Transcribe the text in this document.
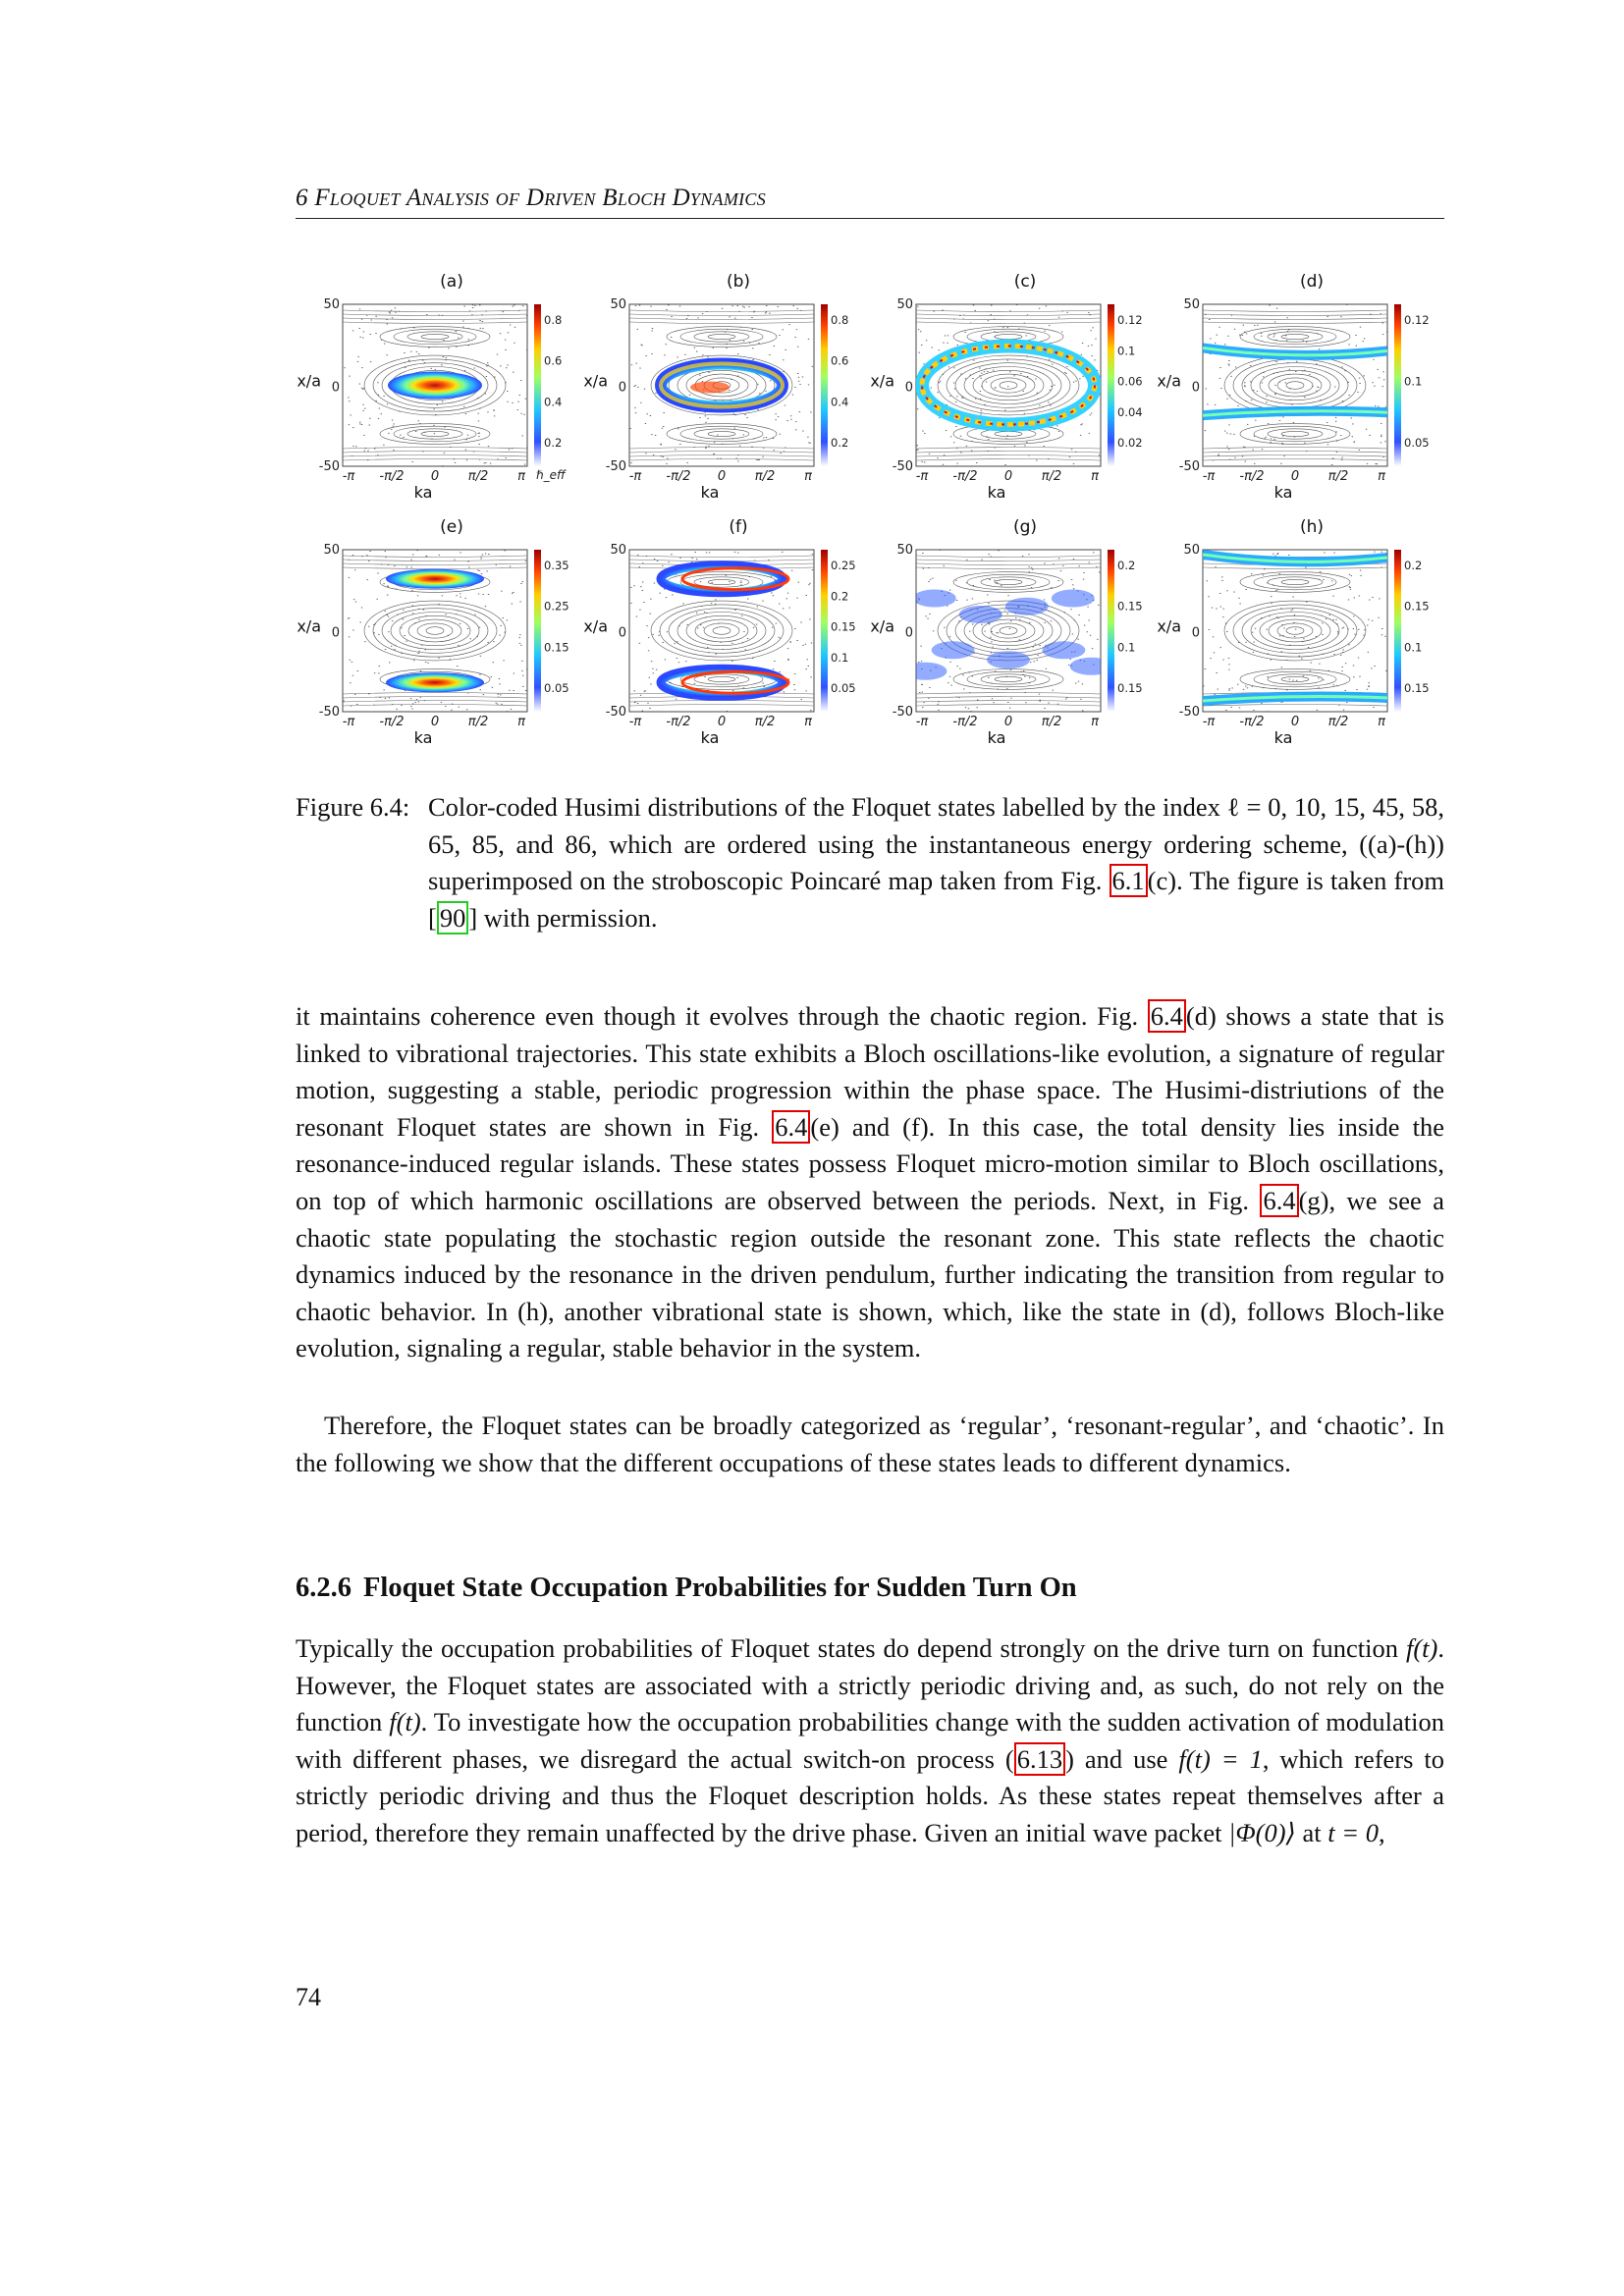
6 Floquet Analysis of Driven Bloch Dynamics
(a)
0.8
0.6
0.4
0.2
ℏ_eff
50
0
-50
x/a
-π -π/2 0 π/2 π
ka
(b)
0.8
0.6
0.4
0.2
50
0
-50
x/a
-π -π/2 0 π/2 π
ka
(c)
0.12
0.1
0.06
0.04
0.02
50
0
-50
x/a
-π -π/2 0 π/2 π
ka
(d)
0.12
0.1
0.05
50
0
-50
x/a
-π -π/2 0 π/2 π
ka
(e)
0.35
0.25
0.15
0.05
50
0
-50
x/a
-π -π/2 0 π/2 π
ka
(f)
0.25
0.2
0.15
0.1
0.05
50
0
-50
x/a
-π -π/2 0 π/2 π
ka
(g)
0.2
0.15
0.1
0.15
50
0
-50
x/a
-π -π/2 0 π/2 π
ka
(h)
0.2
0.15
0.1
0.15
50
0
-50
x/a
-π -π/2 0 π/2 π
ka
Figure 6.4: Color-coded Husimi distributions of the Floquet states labelled by the index ℓ = 0, 10, 15, 45, 58, 65, 85, and 86, which are ordered using the instantaneous energy ordering scheme, ((a)-(h)) superimposed on the stroboscopic Poincaré map taken from Fig. 6.1 (c). The figure is taken from [ 90 ] with permission.
it maintains coherence even though it evolves through the chaotic region. Fig. 6.4 (d) shows a state that is linked to vibrational trajectories. This state exhibits a Bloch oscillations-like evolution, a signature of regular motion, suggesting a stable, periodic progression within the phase space. The Husimi-distriutions of the resonant Floquet states are shown in Fig. 6.4 (e) and (f). In this case, the total density lies inside the resonance-induced regular islands. These states possess Floquet micro-motion similar to Bloch oscillations, on top of which harmonic oscillations are observed between the periods. Next, in Fig. 6.4 (g), we see a chaotic state populating the stochastic region outside the resonant zone. This state reflects the chaotic dynamics induced by the resonance in the driven pendulum, further indicating the transition from regular to chaotic behavior. In (h), another vibrational state is shown, which, like the state in (d), follows Bloch-like evolution, signaling a regular, stable behavior in the system.
Therefore, the Floquet states can be broadly categorized as ‘regular’, ‘resonant-regular’, and ‘chaotic’. In the following we show that the different occupations of these states leads to different dynamics.
6.2.6 Floquet State Occupation Probabilities for Sudden Turn On
Typically the occupation probabilities of Floquet states do depend strongly on the drive turn on function f(t). However, the Floquet states are associated with a strictly periodic driving and, as such, do not rely on the function f(t). To investigate how the occupation probabilities change with the sudden activation of modulation with different phases, we disregard the actual switch-on process ( 6.13 ) and use f(t) = 1, which refers to strictly periodic driving and thus the Floquet description holds. As these states repeat themselves after a period, therefore they remain unaffected by the drive phase. Given an initial wave packet |Φ(0)⟩ at t = 0,
74
